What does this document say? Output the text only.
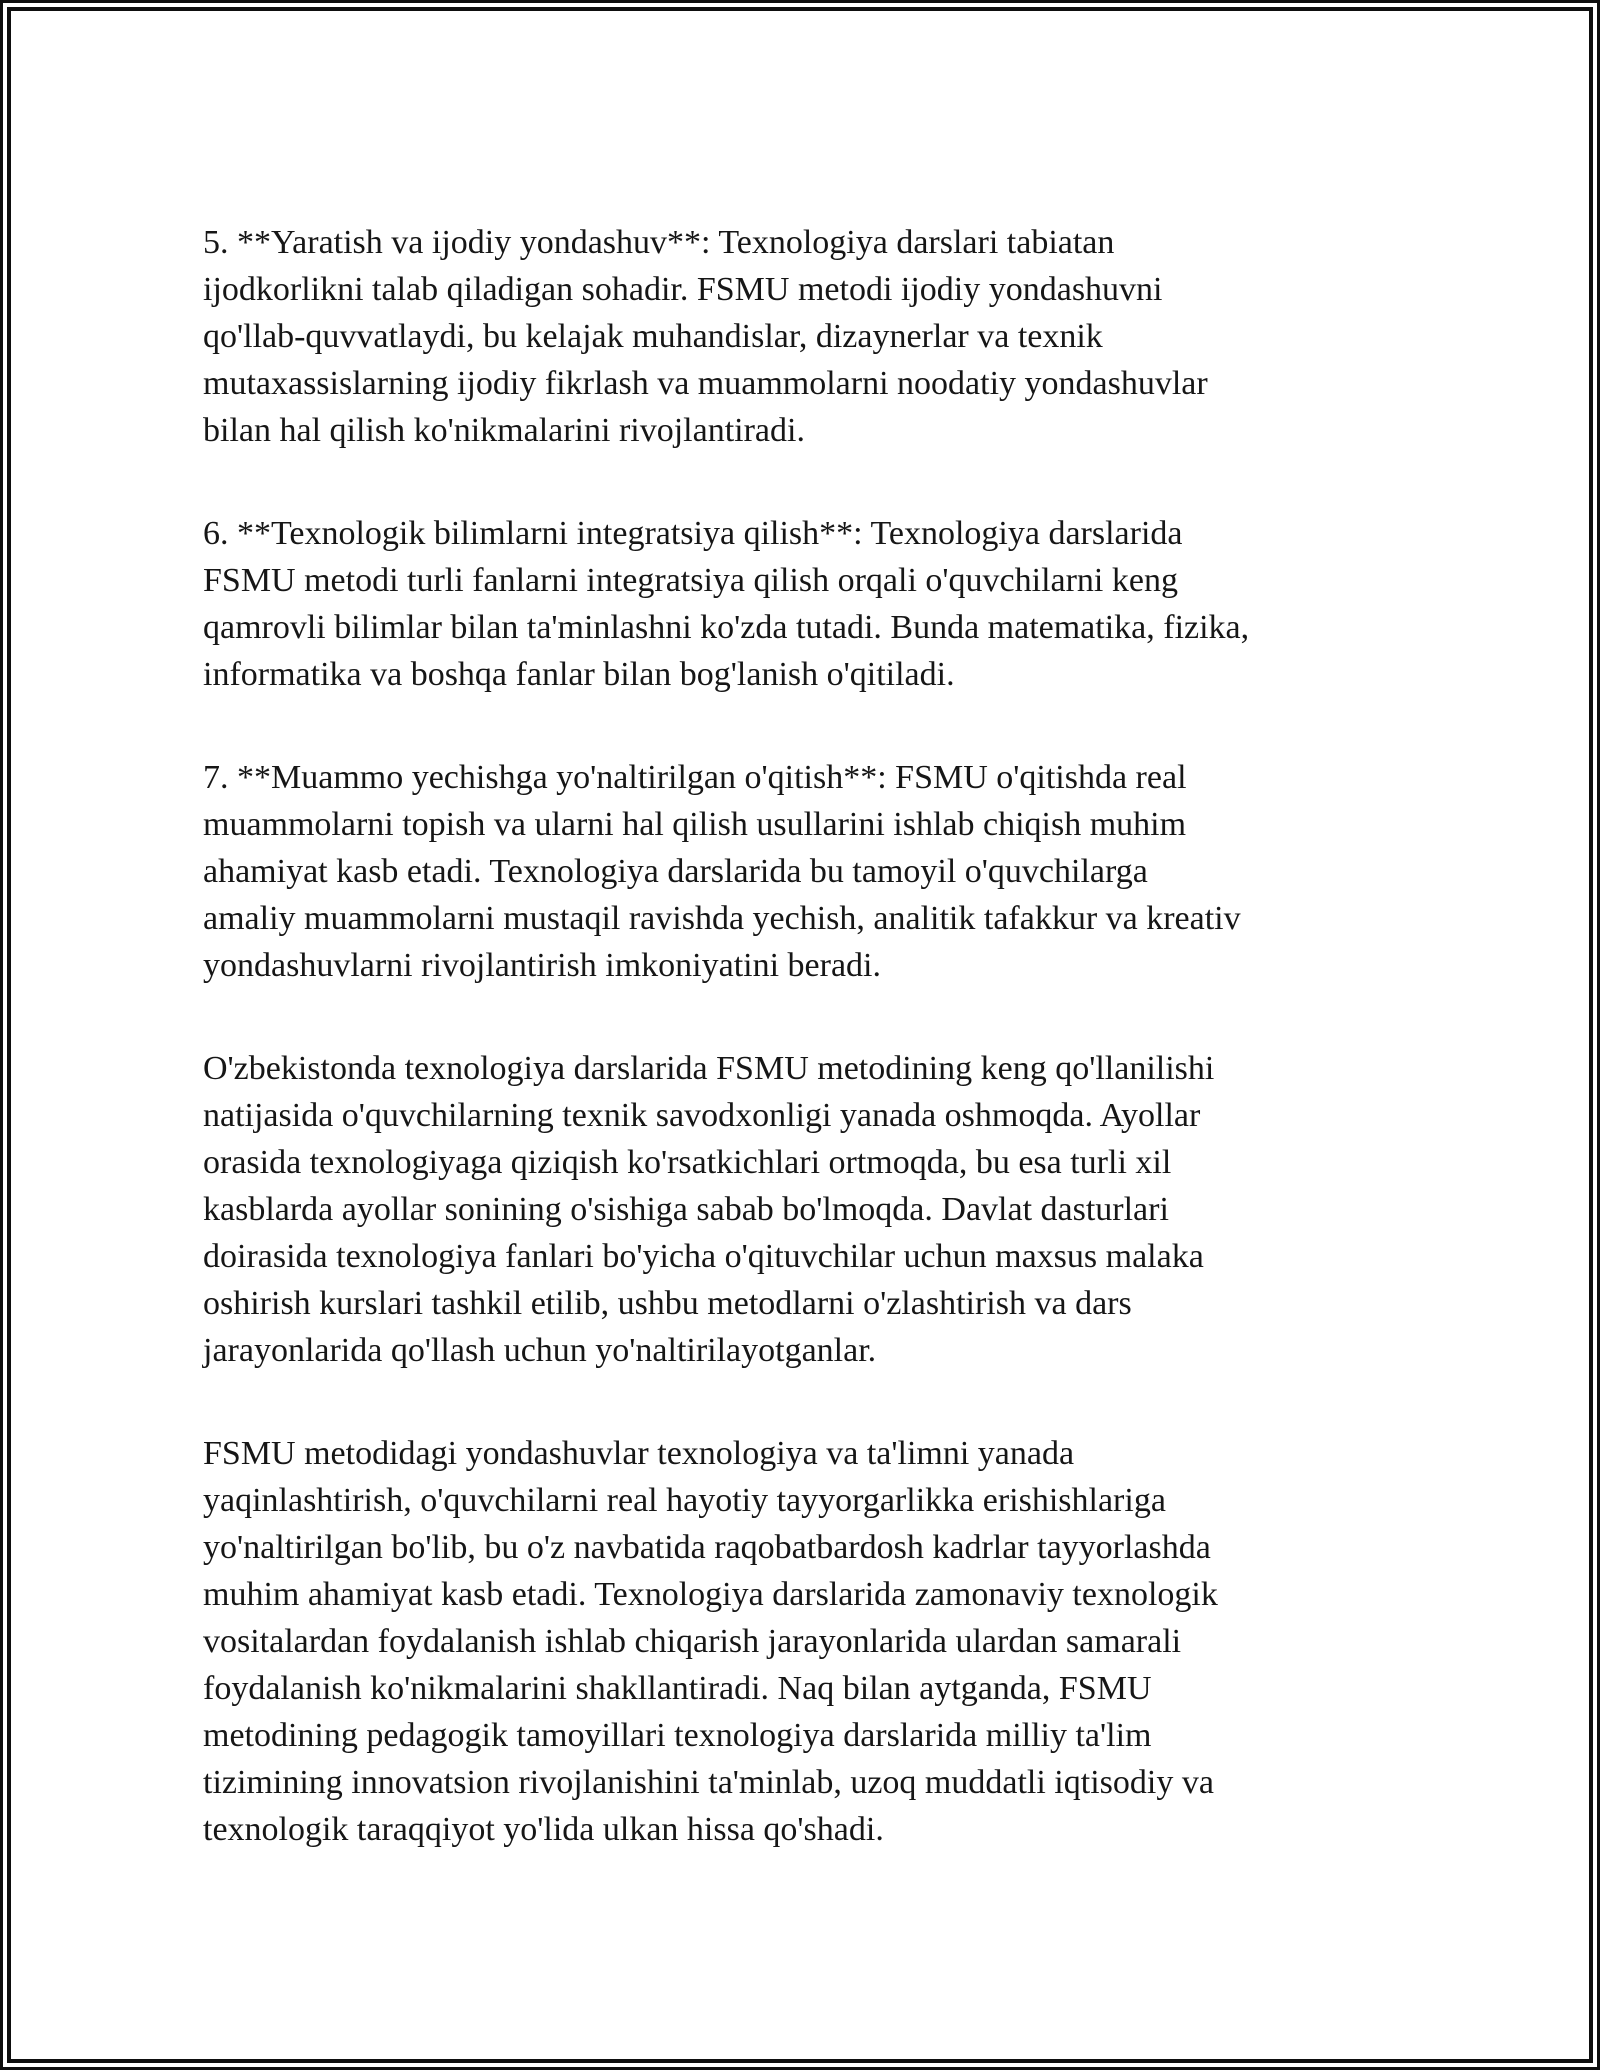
5. **Yaratish va ijodiy yondashuv**: Texnologiya darslari tabiatan
ijodkorlikni talab qiladigan sohadir. FSMU metodi ijodiy yondashuvni
qo'llab-quvvatlaydi, bu kelajak muhandislar, dizaynerlar va texnik
mutaxassislarning ijodiy fikrlash va muammolarni noodatiy yondashuvlar
bilan hal qilish ko'nikmalarini rivojlantiradi.
6. **Texnologik bilimlarni integratsiya qilish**: Texnologiya darslarida
FSMU metodi turli fanlarni integratsiya qilish orqali o'quvchilarni keng
qamrovli bilimlar bilan ta'minlashni ko'zda tutadi. Bunda matematika, fizika,
informatika va boshqa fanlar bilan bog'lanish o'qitiladi.
7. **Muammo yechishga yo'naltirilgan o'qitish**: FSMU o'qitishda real
muammolarni topish va ularni hal qilish usullarini ishlab chiqish muhim
ahamiyat kasb etadi. Texnologiya darslarida bu tamoyil o'quvchilarga
amaliy muammolarni mustaqil ravishda yechish, analitik tafakkur va kreativ
yondashuvlarni rivojlantirish imkoniyatini beradi.
O'zbekistonda texnologiya darslarida FSMU metodining keng qo'llanilishi
natijasida o'quvchilarning texnik savodxonligi yanada oshmoqda. Ayollar
orasida texnologiyaga qiziqish ko'rsatkichlari ortmoqda, bu esa turli xil
kasblarda ayollar sonining o'sishiga sabab bo'lmoqda. Davlat dasturlari
doirasida texnologiya fanlari bo'yicha o'qituvchilar uchun maxsus malaka
oshirish kurslari tashkil etilib, ushbu metodlarni o'zlashtirish va dars
jarayonlarida qo'llash uchun yo'naltirilayotganlar.
FSMU metodidagi yondashuvlar texnologiya va ta'limni yanada
yaqinlashtirish, o'quvchilarni real hayotiy tayyorgarlikka erishishlariga
yo'naltirilgan bo'lib, bu o'z navbatida raqobatbardosh kadrlar tayyorlashda
muhim ahamiyat kasb etadi. Texnologiya darslarida zamonaviy texnologik
vositalardan foydalanish ishlab chiqarish jarayonlarida ulardan samarali
foydalanish ko'nikmalarini shakllantiradi. Naq bilan aytganda, FSMU
metodining pedagogik tamoyillari texnologiya darslarida milliy ta'lim
tizimining innovatsion rivojlanishini ta'minlab, uzoq muddatli iqtisodiy va
texnologik taraqqiyot yo'lida ulkan hissa qo'shadi.
